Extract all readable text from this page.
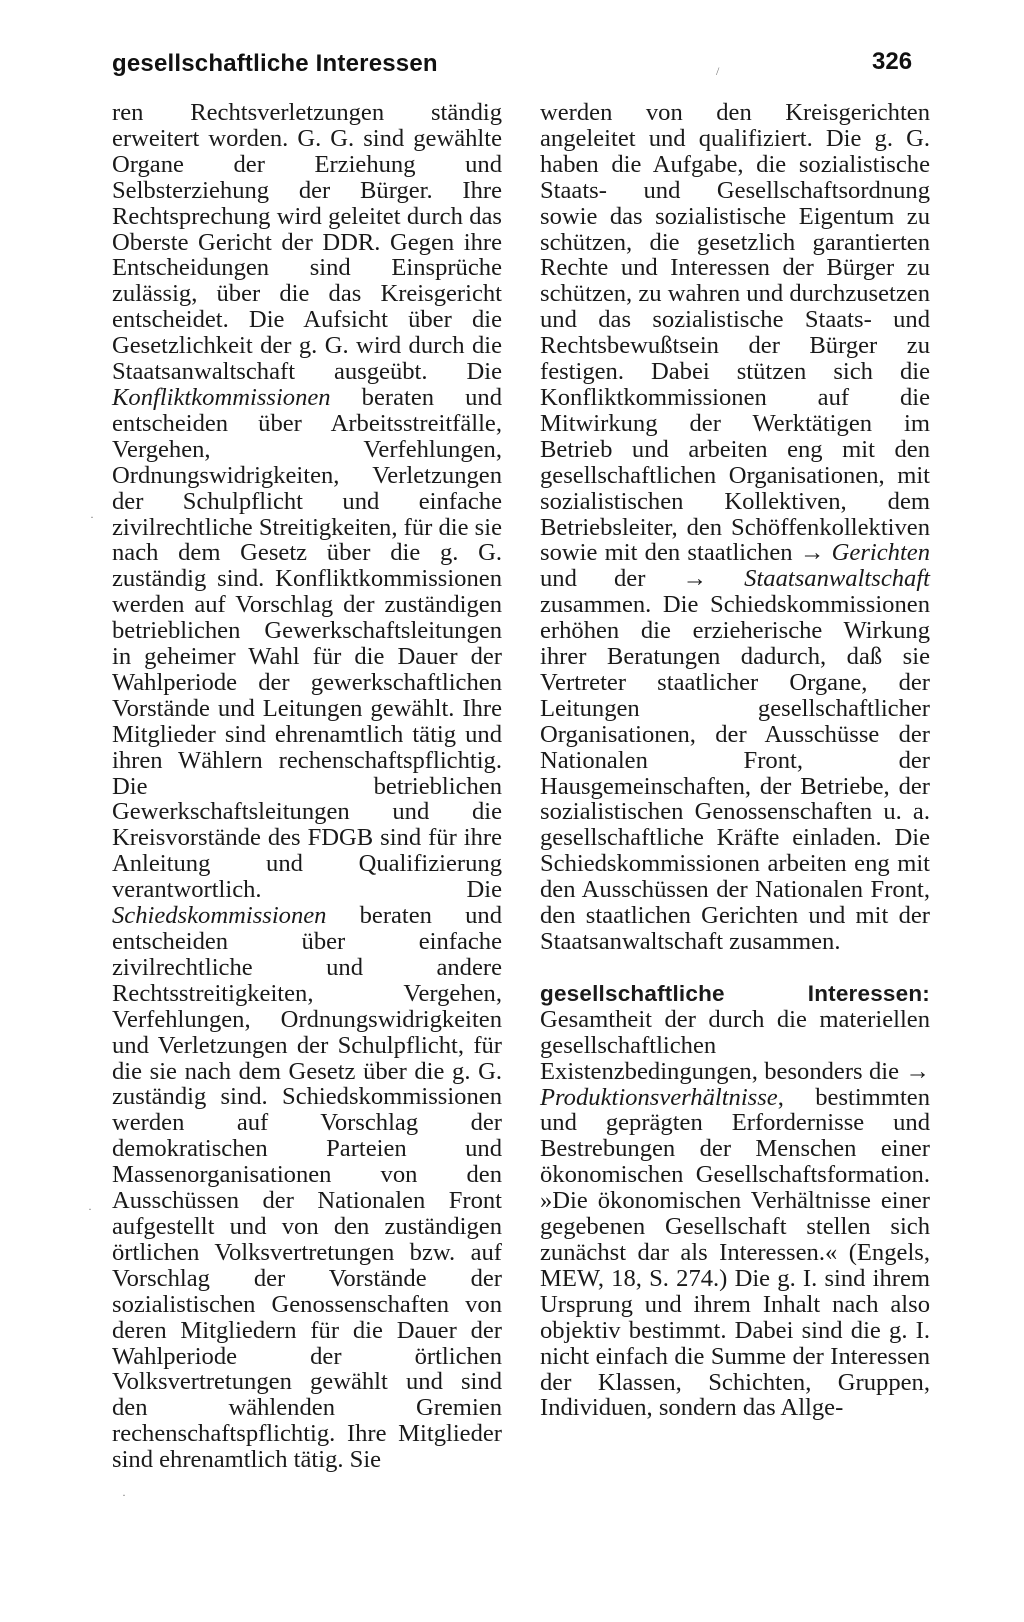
gesellschaftliche Interessen	326

ren Rechtsverletzungen ständig erweitert worden. G. G. sind gewählte Organe der Erziehung und Selbsterziehung der Bürger. Ihre Rechtsprechung wird geleitet durch das Oberste Gericht der DDR. Gegen ihre Entscheidungen sind Einsprüche zulässig, über die das Kreisgericht entscheidet. Die Aufsicht über die Gesetzlichkeit der g. G. wird durch die Staatsanwaltschaft ausgeübt. Die Konfliktkommissionen beraten und entscheiden über Arbeitsstreitfälle, Vergehen, Verfehlungen, Ordnungswidrigkeiten, Verletzungen der Schulpflicht und einfache zivilrechtliche Streitigkeiten, für die sie nach dem Gesetz über die g. G. zuständig sind. Konfliktkommissionen werden auf Vorschlag der zuständigen betrieblichen Gewerkschaftsleitungen in geheimer Wahl für die Dauer der Wahlperiode der gewerkschaftlichen Vorstände und Leitungen gewählt. Ihre Mitglieder sind ehrenamtlich tätig und ihren Wählern rechenschaftspflichtig. Die betrieblichen Gewerkschaftsleitungen und die Kreisvorstände des FDGB sind für ihre Anleitung und Qualifizierung verantwortlich. Die Schiedskommissionen beraten und entscheiden über einfache zivilrechtliche und andere Rechtsstreitigkeiten, Vergehen, Verfehlungen, Ordnungswidrigkeiten und Verletzungen der Schulpflicht, für die sie nach dem Gesetz über die g. G. zuständig sind. Schiedskommissionen werden auf Vorschlag der demokratischen Parteien und Massenorganisationen von den Ausschüssen der Nationalen Front aufgestellt und von den zuständigen örtlichen Volksvertretungen bzw. auf Vorschlag der Vorstände der sozialistischen Genossenschaften von deren Mitgliedern für die Dauer der Wahlperiode der örtlichen Volksvertretungen gewählt und sind den wählenden Gremien rechenschaftspflichtig. Ihre Mitglieder sind ehrenamtlich tätig. Sie

werden von den Kreisgerichten angeleitet und qualifiziert. Die g. G. haben die Aufgabe, die sozialistische Staats- und Gesellschaftsordnung sowie das sozialistische Eigentum zu schützen, die gesetzlich garantierten Rechte und Interessen der Bürger zu schützen, zu wahren und durchzusetzen und das sozialistische Staats- und Rechtsbewußtsein der Bürger zu festigen. Dabei stützen sich die Konfliktkommissionen auf die Mitwirkung der Werktätigen im Betrieb und arbeiten eng mit den gesellschaftlichen Organisationen, mit sozialistischen Kollektiven, dem Betriebsleiter, den Schöffenkollektiven sowie mit den staatlichen → Gerichten und der → Staatsanwaltschaft zusammen. Die Schiedskommissionen erhöhen die erzieherische Wirkung ihrer Beratungen dadurch, daß sie Vertreter staatlicher Organe, der Leitungen gesellschaftlicher Organisationen, der Ausschüsse der Nationalen Front, der Hausgemeinschaften, der Betriebe, der sozialistischen Genossenschaften u. a. gesellschaftliche Kräfte einladen. Die Schiedskommissionen arbeiten eng mit den Ausschüssen der Nationalen Front, den staatlichen Gerichten und mit der Staatsanwaltschaft zusammen.

gesellschaftliche Interessen: Gesamtheit der durch die materiellen gesellschaftlichen Existenzbedingungen, besonders die → Produktionsverhältnisse, bestimmten und geprägten Erfordernisse und Bestrebungen der Menschen einer ökonomischen Gesellschaftsformation. »Die ökonomischen Verhältnisse einer gegebenen Gesellschaft stellen sich zunächst dar als Interessen.« (Engels, MEW, 18, S. 274.) Die g. I. sind ihrem Ursprung und ihrem Inhalt nach also objektiv bestimmt. Dabei sind die g. I. nicht einfach die Summe der Interessen der Klassen, Schichten, Gruppen, Individuen, sondern das Allge-

/
·
·
·
